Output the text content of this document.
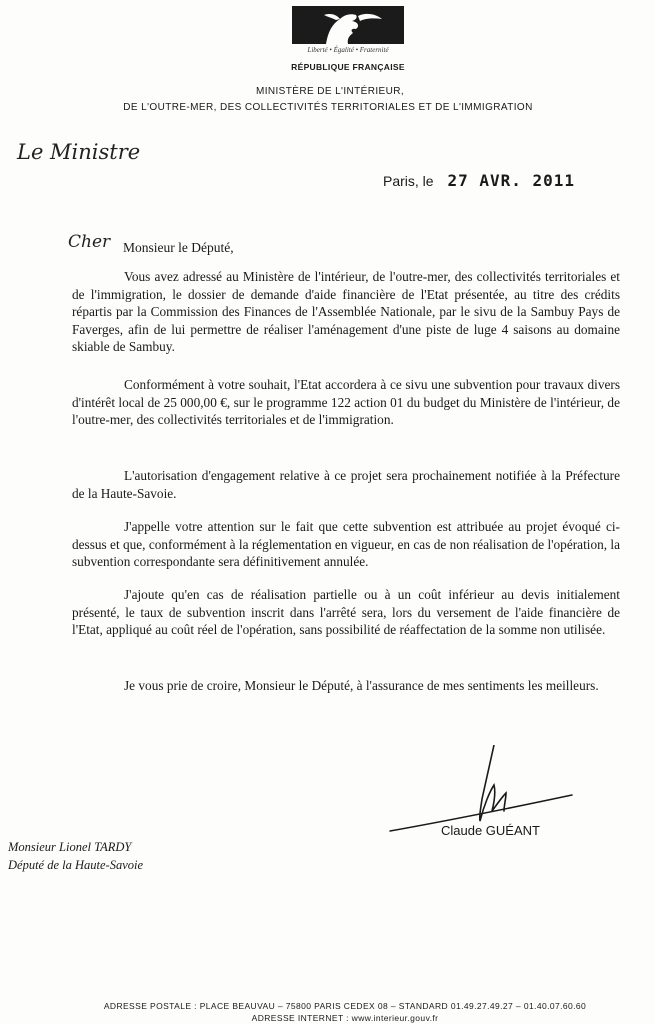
Liberté • Égalité • Fraternité
RÉPUBLIQUE FRANÇAISE
MINISTÈRE DE L'INTÉRIEUR,
DE L'OUTRE-MER, DES COLLECTIVITÉS TERRITORIALES ET DE L'IMMIGRATION
Le Ministre
Paris, le 27 AVR. 2011
Cher Monsieur le Député,

Vous avez adressé au Ministère de l'intérieur, de l'outre-mer, des collectivités territoriales et de l'immigration, le dossier de demande d'aide financière de l'Etat présentée, au titre des crédits répartis par la Commission des Finances de l'Assemblée Nationale, par le sivu de la Sambuy Pays de Faverges, afin de lui permettre de réaliser l'aménagement d'une piste de luge 4 saisons au domaine skiable de Sambuy.

Conformément à votre souhait, l'Etat accordera à ce sivu une subvention pour travaux divers d'intérêt local de 25 000,00 €, sur le programme 122 action 01 du budget du Ministère de l'intérieur, de l'outre-mer, des collectivités territoriales et de l'immigration.

L'autorisation d'engagement relative à ce projet sera prochainement notifiée à la Préfecture de la Haute-Savoie.

J'appelle votre attention sur le fait que cette subvention est attribuée au projet évoqué ci-dessus et que, conformément à la réglementation en vigueur, en cas de non réalisation de l'opération, la subvention correspondante sera définitivement annulée.

J'ajoute qu'en cas de réalisation partielle ou à un coût inférieur au devis initialement présenté, le taux de subvention inscrit dans l'arrêté sera, lors du versement de l'aide financière de l'Etat, appliqué au coût réel de l'opération, sans possibilité de réaffectation de la somme non utilisée.

Je vous prie de croire, Monsieur le Député, à l'assurance de mes sentiments les meilleurs.

Claude GUÉANT
Monsieur Lionel TARDY
Député de la Haute-Savoie
ADRESSE POSTALE : PLACE BEAUVAU – 75800 PARIS CEDEX 08 – STANDARD 01.49.27.49.27 – 01.40.07.60.60
ADRESSE INTERNET : www.interieur.gouv.fr
